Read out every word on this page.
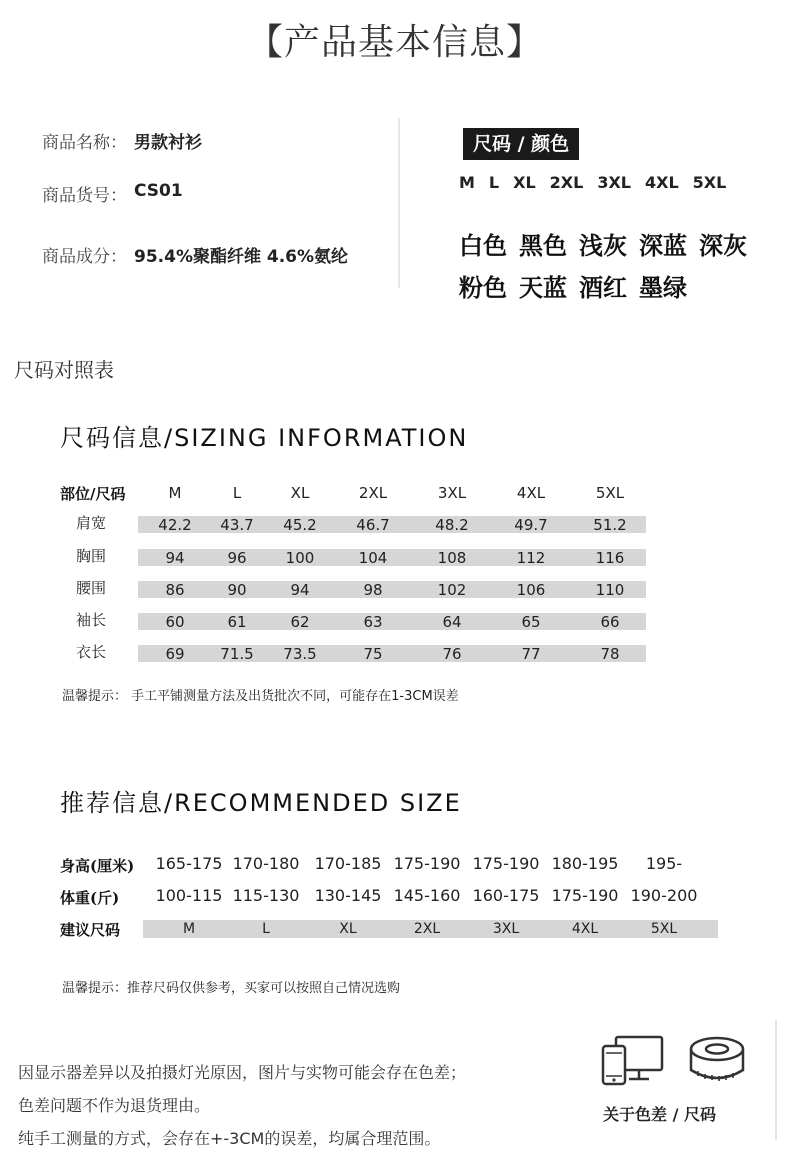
【产品基本信息】
商品名称： 男款衬衫
商品货号： CS01
商品成分： 95.4%聚酯纤维 4.6%氨纶
尺码 / 颜色
M L XL 2XL 3XL 4XL 5XL
白色 黑色 浅灰 深蓝 深灰
粉色 天蓝 酒红 墨绿
尺码对照表
尺码信息/SIZING INFORMATION
部位/尺码	M	L	XL	2XL	3XL	4XL	5XL
肩宽	42.2 43.7 45.2	46.7	48.2	49.7	51.2
胸围	94	96	100	104	108	112	116
腰围	86	90	94	98	102	106	110
袖长	60	61	62	63	64	65	66
衣长	69 71.5 73.5	75	76	77	78
温馨提示： 手工平铺测量方法及出货批次不同，可能存在1-3CM误差
推荐信息/RECOMMENDED SIZE
身高(厘米) 165-175 170-180 170-185 175-190 175-190 180-195 195-
体重(斤) 100-115 115-130 130-145 145-160 160-175 175-190 190-200
建议尺码	M	L	XL	2XL	3XL	4XL	5XL
温馨提示：推荐尺码仅供参考，买家可以按照自己情况选购
因显示器差异以及拍摄灯光原因，图片与实物可能会存在色差；
色差问题不作为退货理由。
纯手工测量的方式，会存在+-3CM的误差，均属合理范围。
关于色差 / 尺码
